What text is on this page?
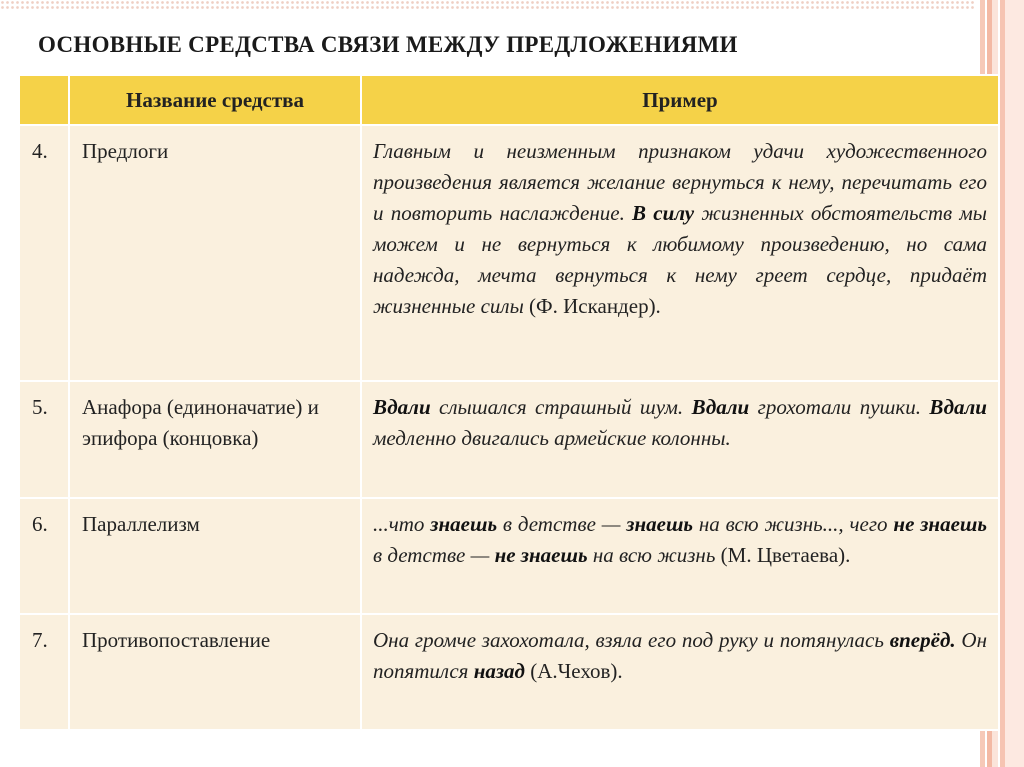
ОСНОВНЫЕ СРЕДСТВА СВЯЗИ МЕЖДУ ПРЕДЛОЖЕНИЯМИ
	Название средства	Пример
4.	Предлоги	Главным и неизменным признаком удачи художественного произведения является желание вернуться к нему, перечитать его и повторить наслаждение. В силу жизненных обстоятельств мы можем и не вернуться к любимому произведению, но сама надежда, мечта вернуться к нему греет сердце, придаёт жизненные силы (Ф. Искандер).
5.	Анафора (единоначатие) и эпифора (концовка)	Вдали слышался страшный шум. Вдали грохотали пушки. Вдали медленно двигались армейские колонны.
6.	Параллелизм	...что знаешь в детстве — знаешь на всю жизнь..., чего не знаешь в детстве — не знаешь на всю жизнь (М. Цветаева).
7.	Противопоставление	Она громче захохотала, взяла его под руку и потянулась вперёд. Он попятился назад (А.Чехов).
